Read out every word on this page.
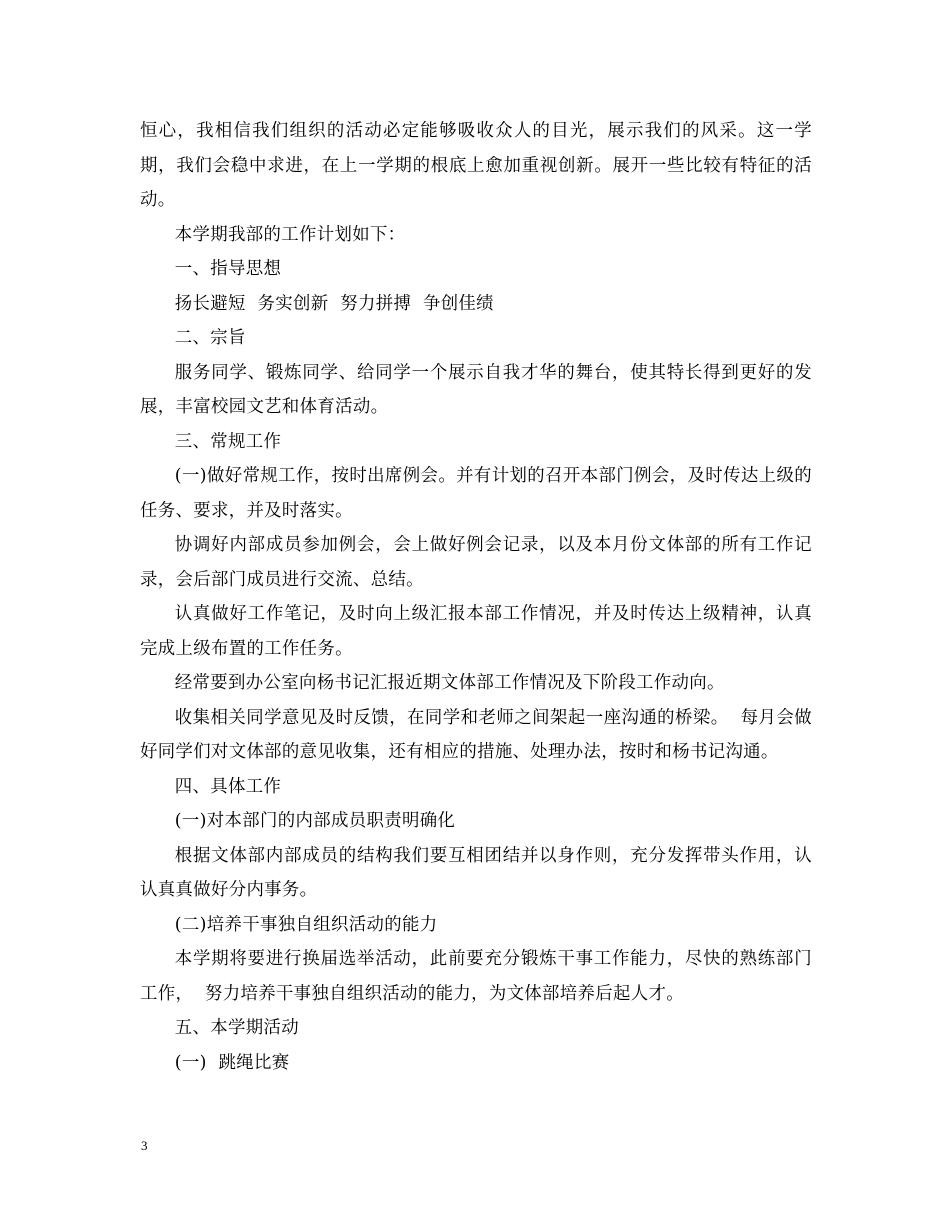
恒心，我相信我们组织的活动必定能够吸收众人的目光，展示我们的风采。这一学期，我们会稳中求进，在上一学期的根底上愈加重视创新。展开一些比较有特征的活动。

本学期我部的工作计划如下：

一、指导思想

扬长避短  务实创新  努力拼搏  争创佳绩

二、宗旨

服务同学、锻炼同学、给同学一个展示自我才华的舞台，使其特长得到更好的发展，丰富校园文艺和体育活动。

三、常规工作

(一)做好常规工作，按时出席例会。并有计划的召开本部门例会，及时传达上级的任务、要求，并及时落实。

协调好内部成员参加例会，会上做好例会记录，以及本月份文体部的所有工作记录，会后部门成员进行交流、总结。

认真做好工作笔记，及时向上级汇报本部工作情况，并及时传达上级精神，认真完成上级布置的工作任务。

经常要到办公室向杨书记汇报近期文体部工作情况及下阶段工作动向。

收集相关同学意见及时反馈，在同学和老师之间架起一座沟通的桥梁。  每月会做好同学们对文体部的意见收集，还有相应的措施、处理办法，按时和杨书记沟通。

四、具体工作

(一)对本部门的内部成员职责明确化

根据文体部内部成员的结构我们要互相团结并以身作则，充分发挥带头作用，认认真真做好分内事务。

(二)培养干事独自组织活动的能力

本学期将要进行换届选举活动，此前要充分锻炼干事工作能力，尽快的熟练部门工作，  努力培养干事独自组织活动的能力，为文体部培养后起人才。

五、本学期活动

(一)  跳绳比赛

3
